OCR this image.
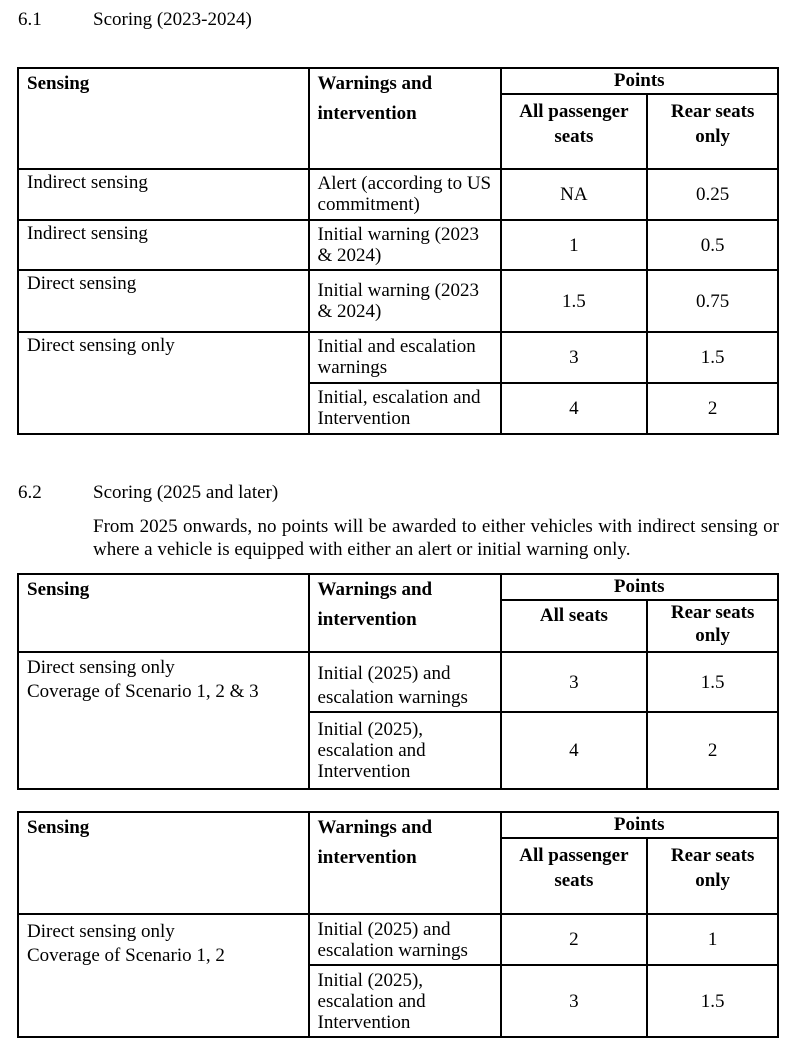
6.1	Scoring (2023-2024)
Sensing	Warnings and intervention	Points	
		All passenger seats	Rear seats only
Indirect sensing	Alert (according to US commitment)	NA	0.25
Indirect sensing	Initial warning (2023 & 2024)	1	0.5
Direct sensing	Initial warning (2023 & 2024)	1.5	0.75
Direct sensing only	Initial and escalation warnings	3	1.5
	Initial, escalation and Intervention	4	2
6.2	Scoring (2025 and later)
From 2025 onwards, no points will be awarded to either vehicles with indirect sensing or where a vehicle is equipped with either an alert or initial warning only.
Sensing	Warnings and intervention	Points	
		All seats	Rear seats only

Direct sensing only
Coverage of Scenario 1, 2 & 3	Initial (2025) and escalation warnings	3	1.5
	Initial (2025), escalation and Intervention	4	2
Sensing	Warnings and intervention	Points	
		All passenger seats	Rear seats only

Direct sensing only
Coverage of Scenario 1, 2	Initial (2025) and escalation warnings	2	1
	Initial (2025), escalation and Intervention	3	1.5
